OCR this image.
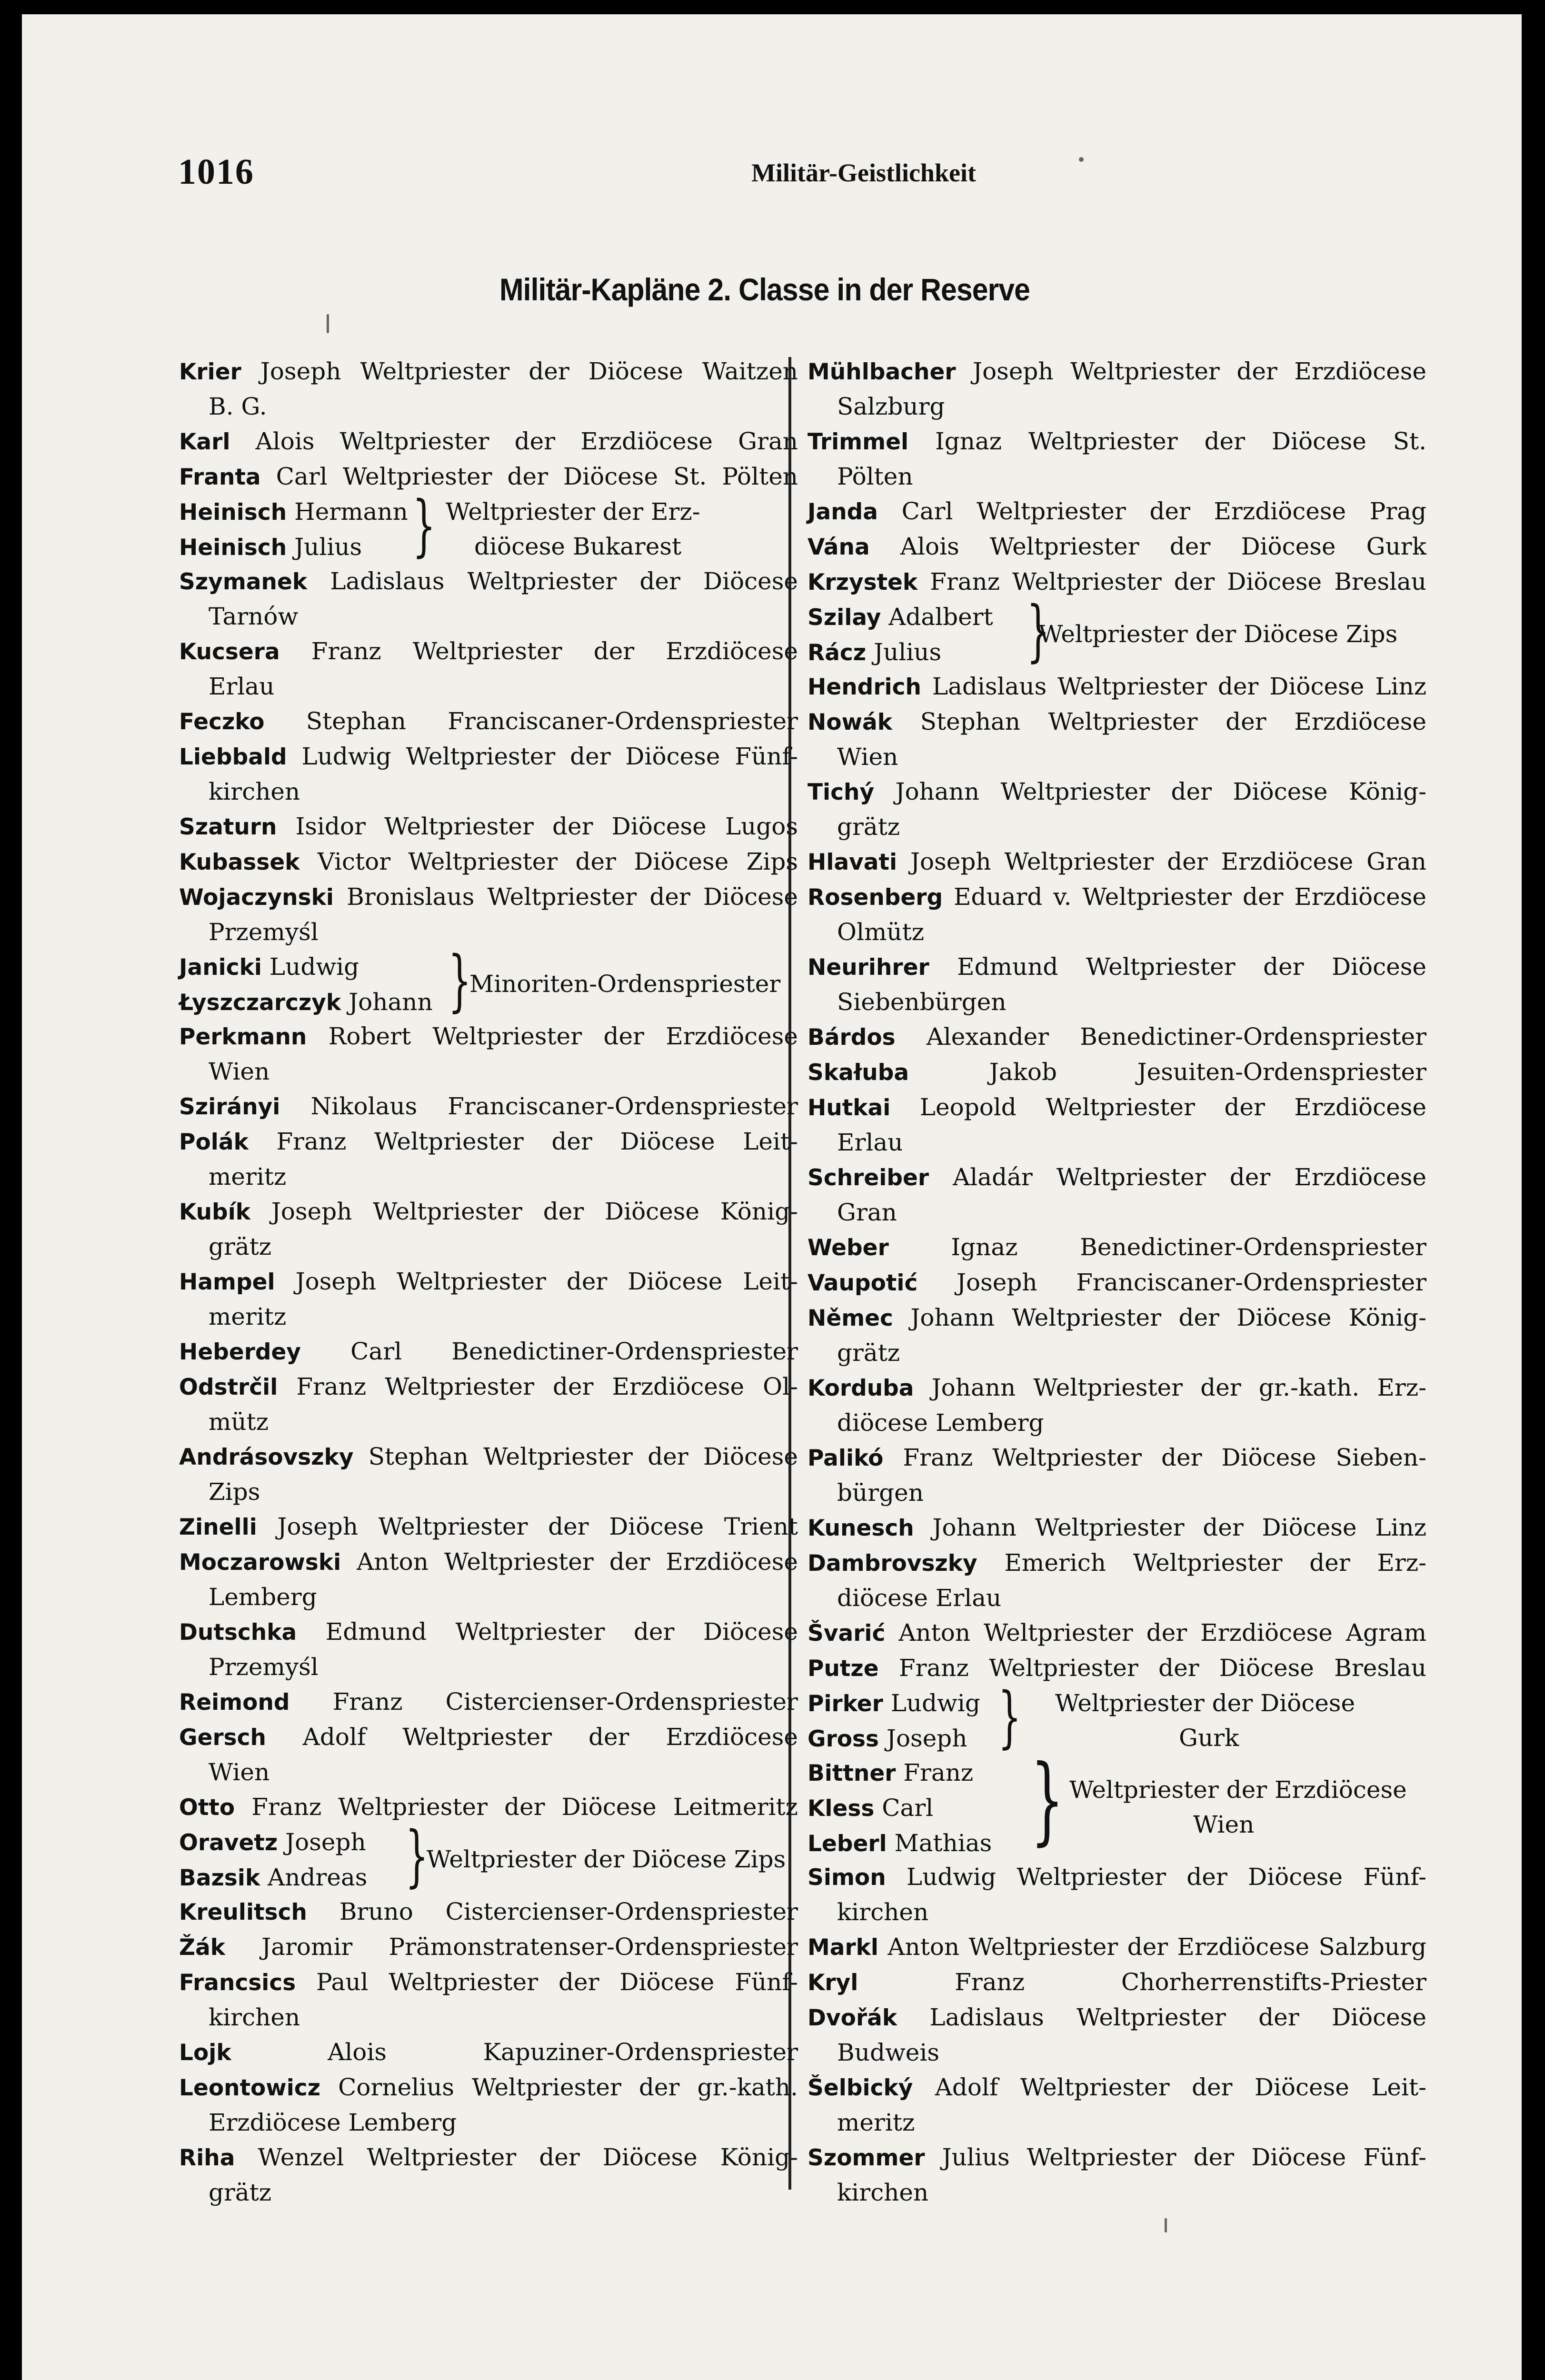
1016	Militär-Geistlichkeit
Militär-Kapläne 2. Classe in der Reserve
Krier Joseph Weltpriester der Diöcese Waitzen
B. G.
Karl Alois Weltpriester der Erzdiöcese Gran
Franta Carl Weltpriester der Diöcese St. Pölten
Heinisch Hermann
Heinisch Julius } Weltpriester der Erz-
diöcese Bukarest
Szymanek Ladislaus Weltpriester der Diöcese
Tarnów
Kucsera Franz Weltpriester der Erzdiöcese
Erlau
Feczko Stephan Franciscaner-Ordenspriester
Liebbald Ludwig Weltpriester der Diöcese Fünf-
kirchen
Szaturn Isidor Weltpriester der Diöcese Lugos
Kubassek Victor Weltpriester der Diöcese Zips
Wojaczynski Bronislaus Weltpriester der Diöcese
Przemyśl
Janicki Ludwig
Łyszczarczyk Johann }
Minoriten-Ordenspriester
Perkmann Robert Weltpriester der Erzdiöcese
Wien
Szirányi Nikolaus Franciscaner-Ordenspriester
Polák Franz Weltpriester der Diöcese Leit-
meritz
Kubík Joseph Weltpriester der Diöcese König-
grätz
Hampel Joseph Weltpriester der Diöcese Leit-
meritz
Heberdey Carl Benedictiner-Ordenspriester
Odstrčil Franz Weltpriester der Erzdiöcese Ol-
mütz
Andrásovszky Stephan Weltpriester der Diöcese
Zips
Zinelli Joseph Weltpriester der Diöcese Trient
Moczarowski Anton Weltpriester der Erzdiöcese
Lemberg
Dutschka Edmund Weltpriester der Diöcese
Przemyśl
Reimond Franz Cistercienser-Ordenspriester
Gersch Adolf Weltpriester der Erzdiöcese
Wien
Otto Franz Weltpriester der Diöcese Leitmeritz
Oravetz Joseph
Bazsik Andreas }
Weltpriester der Diöcese Zips
Kreulitsch Bruno Cistercienser-Ordenspriester
Žák Jaromir Prämonstratenser-Ordenspriester
Francsics Paul Weltpriester der Diöcese Fünf-
kirchen
Lojk	Alois Kapuziner-Ordenspriester
Leontowicz Cornelius Weltpriester der gr.-kath.
Erzdiöcese Lemberg
Riha Wenzel Weltpriester der Diöcese König-
grätz
Mühlbacher Joseph Weltpriester der Erzdiöcese
Salzburg
Trimmel Ignaz Weltpriester der Diöcese St.
Pölten
Janda Carl Weltpriester der Erzdiöcese Prag
Vána Alois Weltpriester der Diöcese Gurk
Krzystek Franz Weltpriester der Diöcese Breslau
Szilay Adalbert
Rácz Julius	}
Weltpriester der Diöcese Zips
Hendrich Ladislaus Weltpriester der Diöcese Linz
Nowák Stephan Weltpriester der Erzdiöcese
Wien
Tichý Johann Weltpriester der Diöcese König-
grätz
Hlavati Joseph Weltpriester der Erzdiöcese Gran
Rosenberg Eduard v. Weltpriester der Erzdiöcese
Olmütz
Neurihrer Edmund Weltpriester der Diöcese
Siebenbürgen
Bárdos Alexander Benedictiner-Ordenspriester
Skałuba	Jakob Jesuiten-Ordenspriester
Hutkai Leopold Weltpriester der Erzdiöcese
Erlau
Schreiber Aladár Weltpriester der Erzdiöcese
Gran
Weber	Ignaz Benedictiner-Ordenspriester
Vaupotić Joseph Franciscaner-Ordenspriester
Němec Johann Weltpriester der Diöcese König-
grätz
Korduba Johann Weltpriester der gr.-kath. Erz-
diöcese Lemberg
Palikó Franz Weltpriester der Diöcese Sieben-
bürgen
Kunesch Johann Weltpriester der Diöcese Linz
Dambrovszky Emerich Weltpriester der Erz-
diöcese Erlau
Švarić Anton Weltpriester der Erzdiöcese Agram
Putze Franz Weltpriester der Diöcese Breslau
Pirker Ludwig
Gross Joseph } Weltpriester der Diöcese
Gurk
Bittner Franz
Kless Carl
Leberl Mathias } Weltpriester der Erzdiöcese
Wien
Simon Ludwig Weltpriester der Diöcese Fünf-
kirchen
Markl Anton Weltpriester der Erzdiöcese Salzburg
Kryl	Franz Chorherrenstifts-Priester
Dvořák Ladislaus Weltpriester der Diöcese
Budweis
Šelbický Adolf Weltpriester der Diöcese Leit-
meritz
Szommer Julius Weltpriester der Diöcese Fünf-
kirchen
